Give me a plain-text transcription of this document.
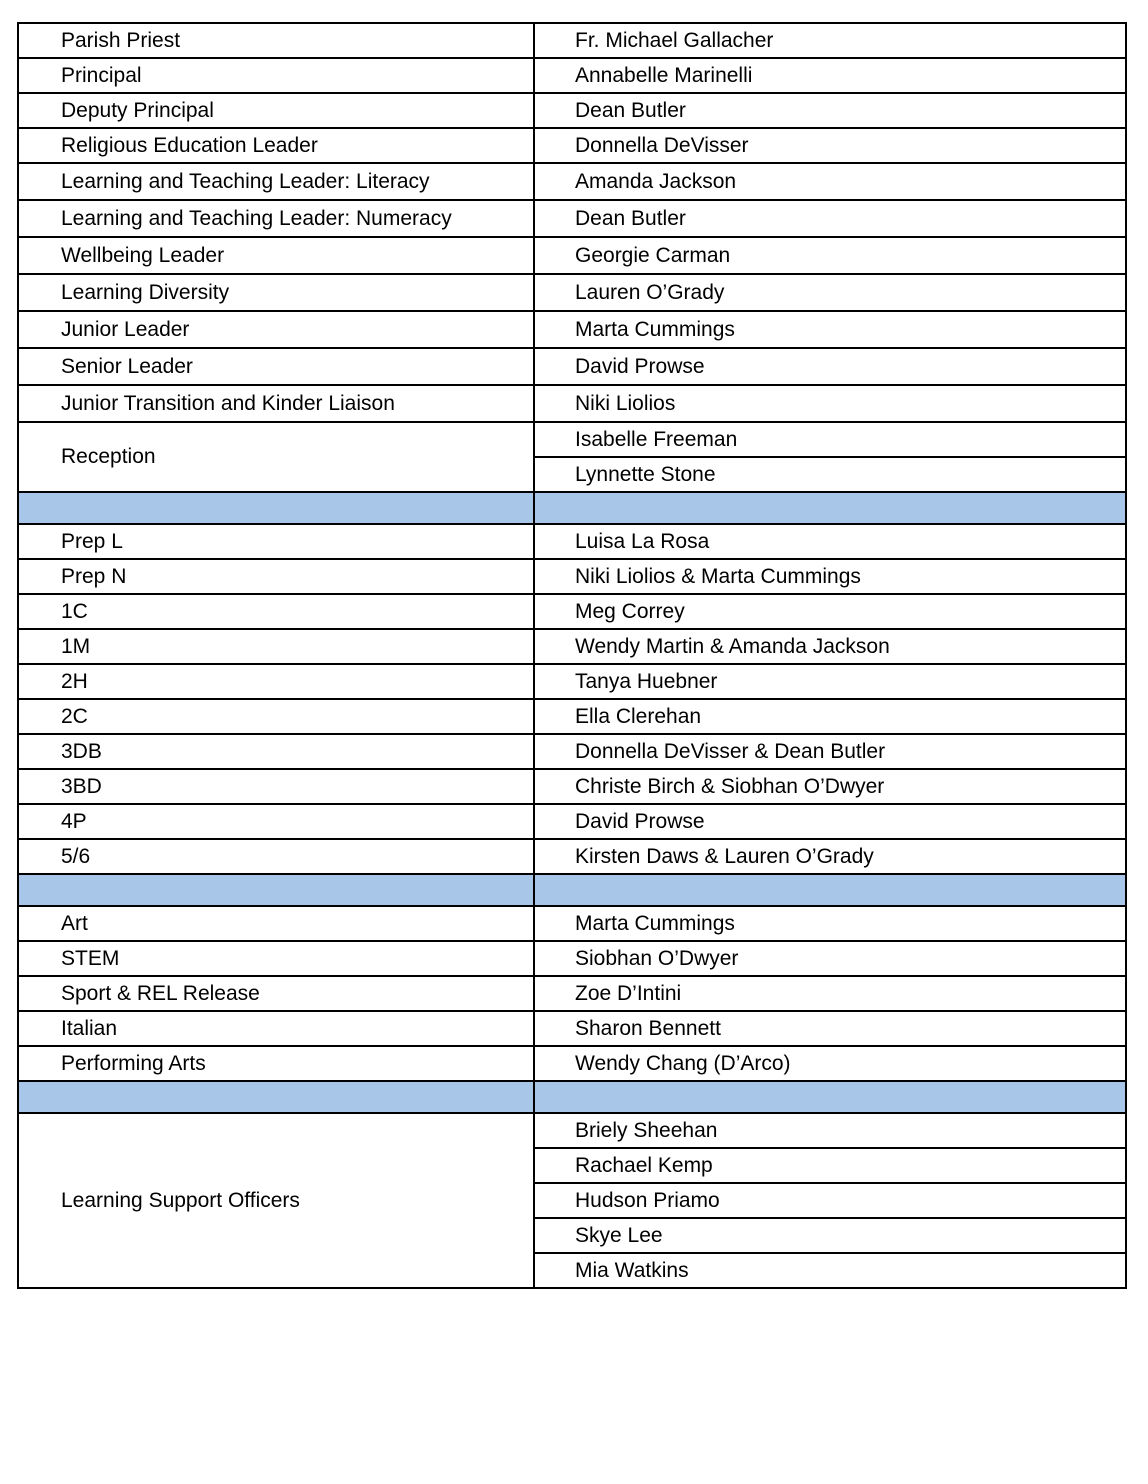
Parish Priest	Fr. Michael Gallacher
Principal	Annabelle Marinelli
Deputy Principal	Dean Butler
Religious Education Leader	Donnella DeVisser
Learning and Teaching Leader: Literacy	Amanda Jackson
Learning and Teaching Leader: Numeracy	Dean Butler
Wellbeing Leader	Georgie Carman
Learning Diversity	Lauren O’Grady
Junior Leader	Marta Cummings
Senior Leader	David Prowse
Junior Transition and Kinder Liaison	Niki Liolios
Reception	Isabelle Freeman
	Lynnette Stone

Prep L	Luisa La Rosa
Prep N	Niki Liolios & Marta Cummings
1C	Meg Correy
1M	Wendy Martin & Amanda Jackson
2H	Tanya Huebner
2C	Ella Clerehan
3DB	Donnella DeVisser & Dean Butler
3BD	Christe Birch & Siobhan O’Dwyer
4P	David Prowse
5/6	Kirsten Daws & Lauren O’Grady

Art	Marta Cummings
STEM	Siobhan O’Dwyer
Sport & REL Release	Zoe D’Intini
Italian	Sharon Bennett
Performing Arts	Wendy Chang (D’Arco)

Learning Support Officers	Briely Sheehan
	Rachael Kemp
	Hudson Priamo
	Skye Lee
	Mia Watkins
